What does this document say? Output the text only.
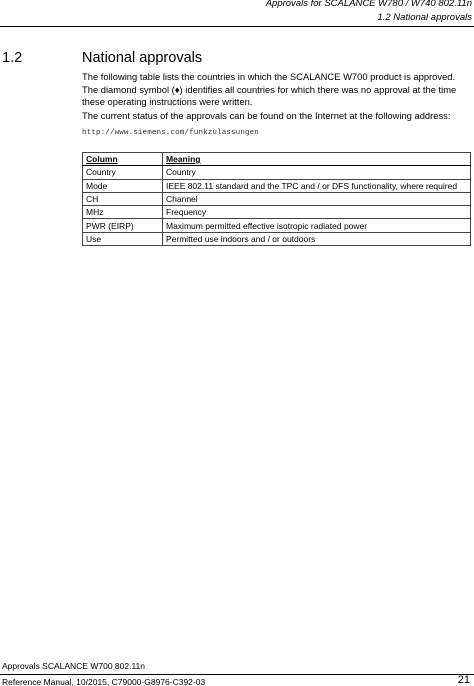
Approvals for SCALANCE W780 / W740 802.11n
1.2 National approvals
1.2	National approvals

The following table lists the countries in which the SCALANCE W700 product is approved. The diamond symbol (♦) identifies all countries for which there was no approval at the time these operating instructions were written.

The current status of the approvals can be found on the Internet at the following address:

http://www.siemens.com/funkzulassungen
Column	Meaning
Country	Country
Mode	IEEE 802.11 standard and the TPC and / or DFS functionality, where required
CH	Channel
MHz	Frequency
PWR (EIRP)	Maximum permitted effective isotropic radiated power
Use	Permitted use indoors and / or outdoors
Approvals SCALANCE W700 802.11n
Reference Manual, 10/2015, C79000-G8976-C392-03	21
